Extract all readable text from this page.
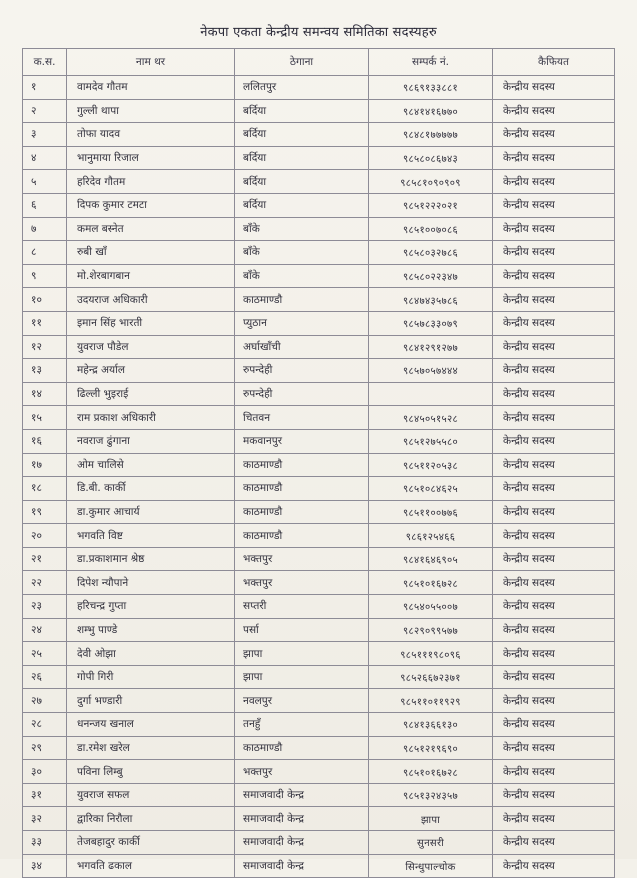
नेकपा एकता केन्द्रीय समन्वय समितिका सदस्यहरु
क.स.	नाम थर	ठेगाना	सम्पर्क नं.	कैफियत
१	वामदेव गौतम	ललितपुर	९८६९१३३८८१	केन्द्रीय सदस्य
२	गुल्ली थापा	बर्दिया	९८४१४१६७७०	केन्द्रीय सदस्य
३	तोफा यादव	बर्दिया	९८४८१७७७७७	केन्द्रीय सदस्य
४	भानुमाया रिजाल	बर्दिया	९८५८०८६७४३	केन्द्रीय सदस्य
५	हरिदेव गौतम	बर्दिया	९८५८१०९०९०९	केन्द्रीय सदस्य
६	दिपक कुमार टमटा	बर्दिया	९८५१२२२०२१	केन्द्रीय सदस्य
७	कमल बस्नेत	बाँके	९८५१००७०८६	केन्द्रीय सदस्य
८	रुबी खाँ	बाँके	९८५८०३२७८६	केन्द्रीय सदस्य
९	मो.शेरबागबान	बाँके	९८५८०२२३४७	केन्द्रीय सदस्य
१०	उदयराज अधिकारी	काठमाण्डौ	९८४७४३५७८६	केन्द्रीय सदस्य
११	इमान सिंह भारती	प्युठान	९८५७८३३०७९	केन्द्रीय सदस्य
१२	युवराज पौडेल	अर्घाखाँची	९८४१२९१२७७	केन्द्रीय सदस्य
१३	महेन्द्र अर्याल	रुपन्देही	९८५७०५७४४४	केन्द्रीय सदस्य
१४	ढिल्ली भुइराई	रुपन्देही		केन्द्रीय सदस्य
१५	राम प्रकाश अधिकारी	चितवन	९८४५०५१५२८	केन्द्रीय सदस्य
१६	नवराज ढुंगाना	मकवानपुर	९८५१२७५५८०	केन्द्रीय सदस्य
१७	ओम चालिसे	काठमाण्डौ	९८५११२०५३८	केन्द्रीय सदस्य
१८	डि.बी. कार्की	काठमाण्डौ	९८५१०८४६२५	केन्द्रीय सदस्य
१९	डा.कुमार आचार्य	काठमाण्डौ	९८५११००७७६	केन्द्रीय सदस्य
२०	भगवति विष्ट	काठमाण्डौ	९८६१२५४६६	केन्द्रीय सदस्य
२१	डा.प्रकाशमान श्रेष्ठ	भक्तपुर	९८४१६४६९०५	केन्द्रीय सदस्य
२२	दिपेश न्यौपाने	भक्तपुर	९८५१०१६७२८	केन्द्रीय सदस्य
२३	हरिचन्द्र गुप्ता	सप्तरी	९८५४०५५००७	केन्द्रीय सदस्य
२४	शम्भु पाण्डे	पर्सा	९८२९०९९५७७	केन्द्रीय सदस्य
२५	देवी ओझा	झापा	९८५१११९८०९६	केन्द्रीय सदस्य
२६	गोपी गिरी	झापा	९८५२६६७२३७१	केन्द्रीय सदस्य
२७	दुर्गा भण्डारी	नवलपुर	९८५११०११९२९	केन्द्रीय सदस्य
२८	धनन्जय खनाल	तनहुँ	९८४१३६६१३०	केन्द्रीय सदस्य
२९	डा.रमेश खरेल	काठमाण्डौ	९८५१२१९६९०	केन्द्रीय सदस्य
३०	पविना लिम्बु	भक्तपुर	९८५१०१६७२८	केन्द्रीय सदस्य
३१	युवराज सफल	समाजवादी केन्द्र	९८५१३२४३५७	केन्द्रीय सदस्य
३२	द्वारिका निरौला	समाजवादी केन्द्र	झापा	केन्द्रीय सदस्य
३३	तेजबहादुर कार्की	समाजवादी केन्द्र	सुनसरी	केन्द्रीय सदस्य
३४	भगवति ढकाल	समाजवादी केन्द्र	सिन्धुपाल्चोक	केन्द्रीय सदस्य
